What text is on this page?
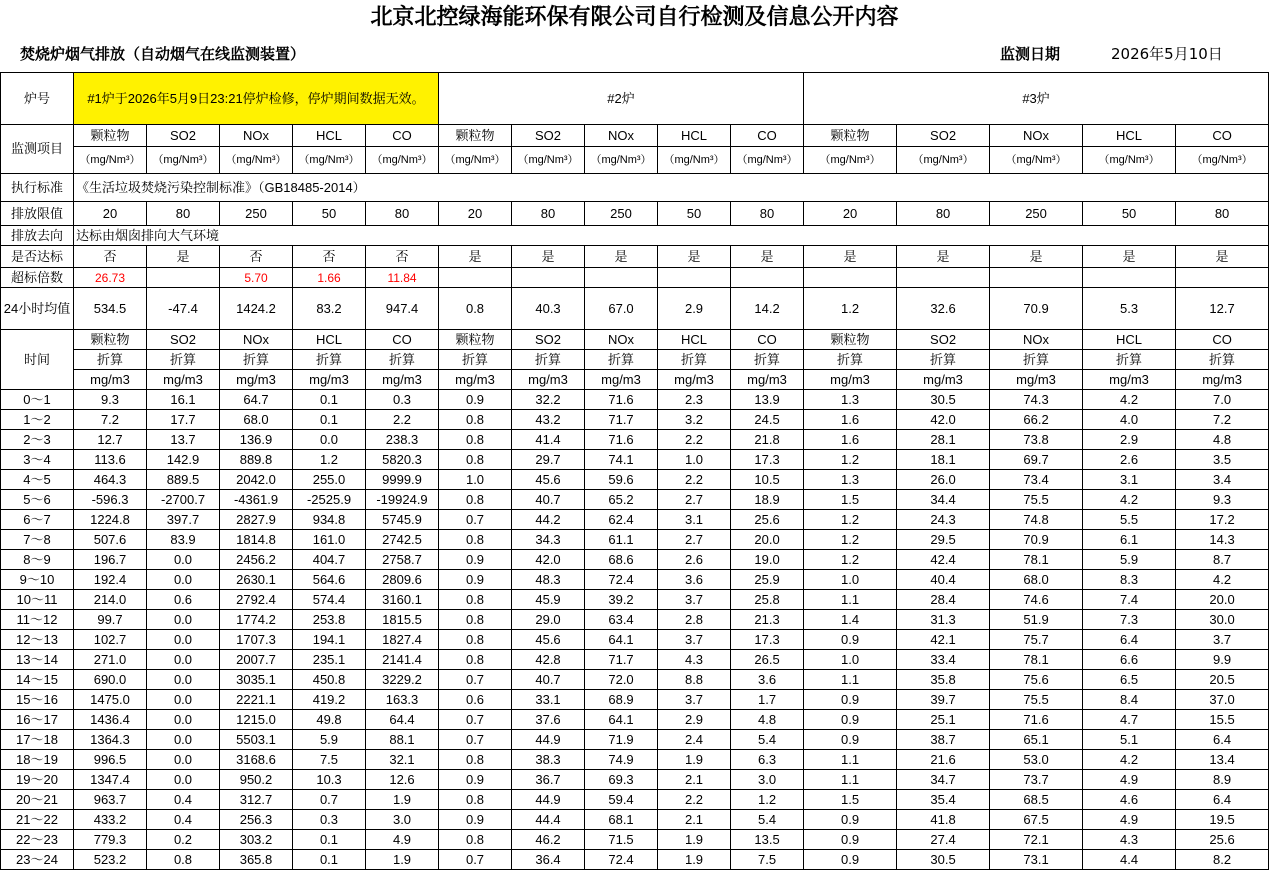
北京北控绿海能环保有限公司自行检测及信息公开内容
焚烧炉烟气排放（自动烟气在线监测装置）	监测日期	2026年5月10日
炉号	#1炉于2026年5月9日23:21停炉检修，停炉期间数据无效。					#2炉					#3炉				
监测项目	颗粒物	SO2	NOx	HCL	CO	颗粒物	SO2	NOx	HCL	CO	颗粒物	SO2	NOx	HCL	CO
	（mg/Nm³）	（mg/Nm³）	（mg/Nm³）	（mg/Nm³）	（mg/Nm³）	（mg/Nm³）	（mg/Nm³）	（mg/Nm³）	（mg/Nm³）	（mg/Nm³）	（mg/Nm³）	（mg/Nm³）	（mg/Nm³）	（mg/Nm³）	（mg/Nm³）
执行标准	《生活垃圾焚烧污染控制标准》（GB18485-2014）														
排放限值	20	80	250	50	80	20	80	250	50	80	20	80	250	50	80
排放去向	达标由烟囱排向大气环境														
是否达标	否	是	否	否	否	是	是	是	是	是	是	是	是	是	是
超标倍数	26.73		5.70	1.66	11.84										
24小时均值	534.5	-47.4	1424.2	83.2	947.4	0.8	40.3	67.0	2.9	14.2	1.2	32.6	70.9	5.3	12.7
时间	颗粒物	SO2	NOx	HCL	CO	颗粒物	SO2	NOx	HCL	CO	颗粒物	SO2	NOx	HCL	CO
	折算	折算	折算	折算	折算	折算	折算	折算	折算	折算	折算	折算	折算	折算	折算
	mg/m3	mg/m3	mg/m3	mg/m3	mg/m3	mg/m3	mg/m3	mg/m3	mg/m3	mg/m3	mg/m3	mg/m3	mg/m3	mg/m3	mg/m3
0～1	9.3	16.1	64.7	0.1	0.3	0.9	32.2	71.6	2.3	13.9	1.3	30.5	74.3	4.2	7.0
1～2	7.2	17.7	68.0	0.1	2.2	0.8	43.2	71.7	3.2	24.5	1.6	42.0	66.2	4.0	7.2
2～3	12.7	13.7	136.9	0.0	238.3	0.8	41.4	71.6	2.2	21.8	1.6	28.1	73.8	2.9	4.8
3～4	113.6	142.9	889.8	1.2	5820.3	0.8	29.7	74.1	1.0	17.3	1.2	18.1	69.7	2.6	3.5
4～5	464.3	889.5	2042.0	255.0	9999.9	1.0	45.6	59.6	2.2	10.5	1.3	26.0	73.4	3.1	3.4
5～6	-596.3	-2700.7	-4361.9	-2525.9	-19924.9	0.8	40.7	65.2	2.7	18.9	1.5	34.4	75.5	4.2	9.3
6～7	1224.8	397.7	2827.9	934.8	5745.9	0.7	44.2	62.4	3.1	25.6	1.2	24.3	74.8	5.5	17.2
7～8	507.6	83.9	1814.8	161.0	2742.5	0.8	34.3	61.1	2.7	20.0	1.2	29.5	70.9	6.1	14.3
8～9	196.7	0.0	2456.2	404.7	2758.7	0.9	42.0	68.6	2.6	19.0	1.2	42.4	78.1	5.9	8.7
9～10	192.4	0.0	2630.1	564.6	2809.6	0.9	48.3	72.4	3.6	25.9	1.0	40.4	68.0	8.3	4.2
10～11	214.0	0.6	2792.4	574.4	3160.1	0.8	45.9	39.2	3.7	25.8	1.1	28.4	74.6	7.4	20.0
11～12	99.7	0.0	1774.2	253.8	1815.5	0.8	29.0	63.4	2.8	21.3	1.4	31.3	51.9	7.3	30.0
12～13	102.7	0.0	1707.3	194.1	1827.4	0.8	45.6	64.1	3.7	17.3	0.9	42.1	75.7	6.4	3.7
13～14	271.0	0.0	2007.7	235.1	2141.4	0.8	42.8	71.7	4.3	26.5	1.0	33.4	78.1	6.6	9.9
14～15	690.0	0.0	3035.1	450.8	3229.2	0.7	40.7	72.0	8.8	3.6	1.1	35.8	75.6	6.5	20.5
15～16	1475.0	0.0	2221.1	419.2	163.3	0.6	33.1	68.9	3.7	1.7	0.9	39.7	75.5	8.4	37.0
16～17	1436.4	0.0	1215.0	49.8	64.4	0.7	37.6	64.1	2.9	4.8	0.9	25.1	71.6	4.7	15.5
17～18	1364.3	0.0	5503.1	5.9	88.1	0.7	44.9	71.9	2.4	5.4	0.9	38.7	65.1	5.1	6.4
18～19	996.5	0.0	3168.6	7.5	32.1	0.8	38.3	74.9	1.9	6.3	1.1	21.6	53.0	4.2	13.4
19～20	1347.4	0.0	950.2	10.3	12.6	0.9	36.7	69.3	2.1	3.0	1.1	34.7	73.7	4.9	8.9
20～21	963.7	0.4	312.7	0.7	1.9	0.8	44.9	59.4	2.2	1.2	1.5	35.4	68.5	4.6	6.4
21～22	433.2	0.4	256.3	0.3	3.0	0.9	44.4	68.1	2.1	5.4	0.9	41.8	67.5	4.9	19.5
22～23	779.3	0.2	303.2	0.1	4.9	0.8	46.2	71.5	1.9	13.5	0.9	27.4	72.1	4.3	25.6
23～24	523.2	0.8	365.8	0.1	1.9	0.7	36.4	72.4	1.9	7.5	0.9	30.5	73.1	4.4	8.2
